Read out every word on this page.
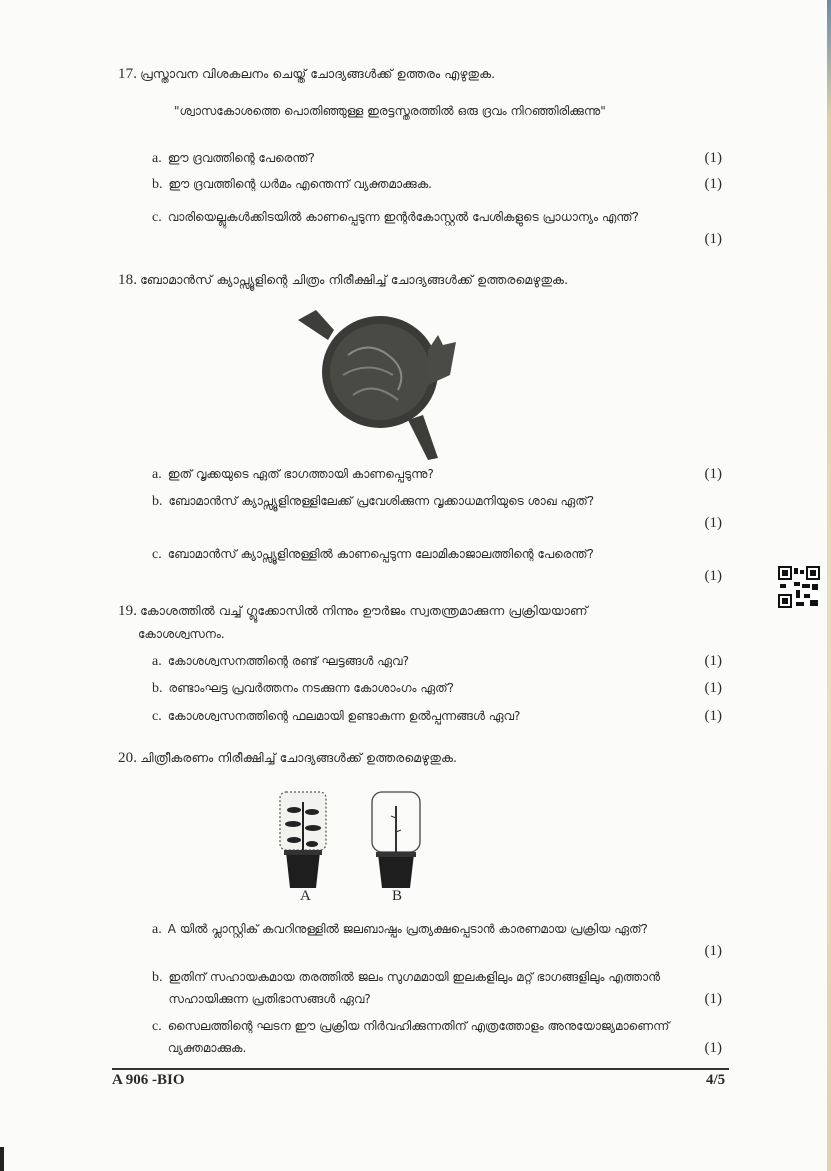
17. പ്രസ്താവന വിശകലനം ചെയ്ത് ചോദ്യങ്ങൾക്ക് ഉത്തരം എഴുതുക.
"ശ്വാസകോശത്തെ പൊതിഞ്ഞുള്ള ഇരട്ടസ്തരത്തിൽ ഒരു ദ്രവം നിറഞ്ഞിരിക്കുന്നു"
a. ഈ ദ്രവത്തിന്റെ പേരെന്ത്?	(1)
b. ഈ ദ്രവത്തിന്റെ ധർമം എന്തെന്ന് വ്യക്തമാക്കുക.	(1)
c. വാരിയെല്ലുകൾക്കിടയിൽ കാണപ്പെടുന്ന ഇന്റർകോസ്റ്റൽ പേശികളുടെ പ്രാധാന്യം എന്ത്?
(1)
18. ബോമാൻസ് ക്യാപ്സ്യൂളിന്റെ ചിത്രം നിരീക്ഷിച്ച് ചോദ്യങ്ങൾക്ക് ഉത്തരമെഴുതുക.
a. ഇത് വൃക്കയുടെ ഏത് ഭാഗത്തായി കാണപ്പെടുന്നു?	(1)
b. ബോമാൻസ് ക്യാപ്സ്യൂളിനുള്ളിലേക്ക് പ്രവേശിക്കുന്ന വൃക്കാധമനിയുടെ ശാഖ ഏത്?
(1)
c. ബോമാൻസ് ക്യാപ്സ്യൂളിനുള്ളിൽ കാണപ്പെടുന്ന ലോമികാജാലത്തിന്റെ പേരെന്ത്?
(1)
19. കോശത്തിൽ വച്ച് ഗ്ലൂക്കോസിൽ നിന്നും ഊർജം സ്വതന്ത്രമാക്കുന്ന പ്രക്രിയയാണ്
കോശശ്വസനം.
a. കോശശ്വസനത്തിന്റെ രണ്ട് ഘട്ടങ്ങൾ ഏവ?	(1)
b. രണ്ടാംഘട്ട പ്രവർത്തനം നടക്കുന്ന കോശാംഗം ഏത്?	(1)
c. കോശശ്വസനത്തിന്റെ ഫലമായി ഉണ്ടാകുന്ന ഉൽപ്പന്നങ്ങൾ ഏവ?	(1)
20. ചിത്രീകരണം നിരീക്ഷിച്ച് ചോദ്യങ്ങൾക്ക് ഉത്തരമെഴുതുക.
A	B
a. A യിൽ പ്ലാസ്റ്റിക് കവറിനുള്ളിൽ ജലബാഷ്പം പ്രത്യക്ഷപ്പെടാൻ കാരണമായ പ്രക്രിയ ഏത്?
(1)
b. ഇതിന് സഹായകമായ തരത്തിൽ ജലം സുഗമമായി ഇലകളിലും മറ്റ് ഭാഗങ്ങളിലും എത്താൻ സഹായിക്കുന്ന പ്രതിഭാസങ്ങൾ ഏവ?	(1)
c. സൈലത്തിന്റെ ഘടന ഈ പ്രക്രിയ നിർവഹിക്കുന്നതിന് എത്രത്തോളം അനുയോജ്യമാണെന്ന് വ്യക്തമാക്കുക.	(1)
A 906 -BIO	4/5
